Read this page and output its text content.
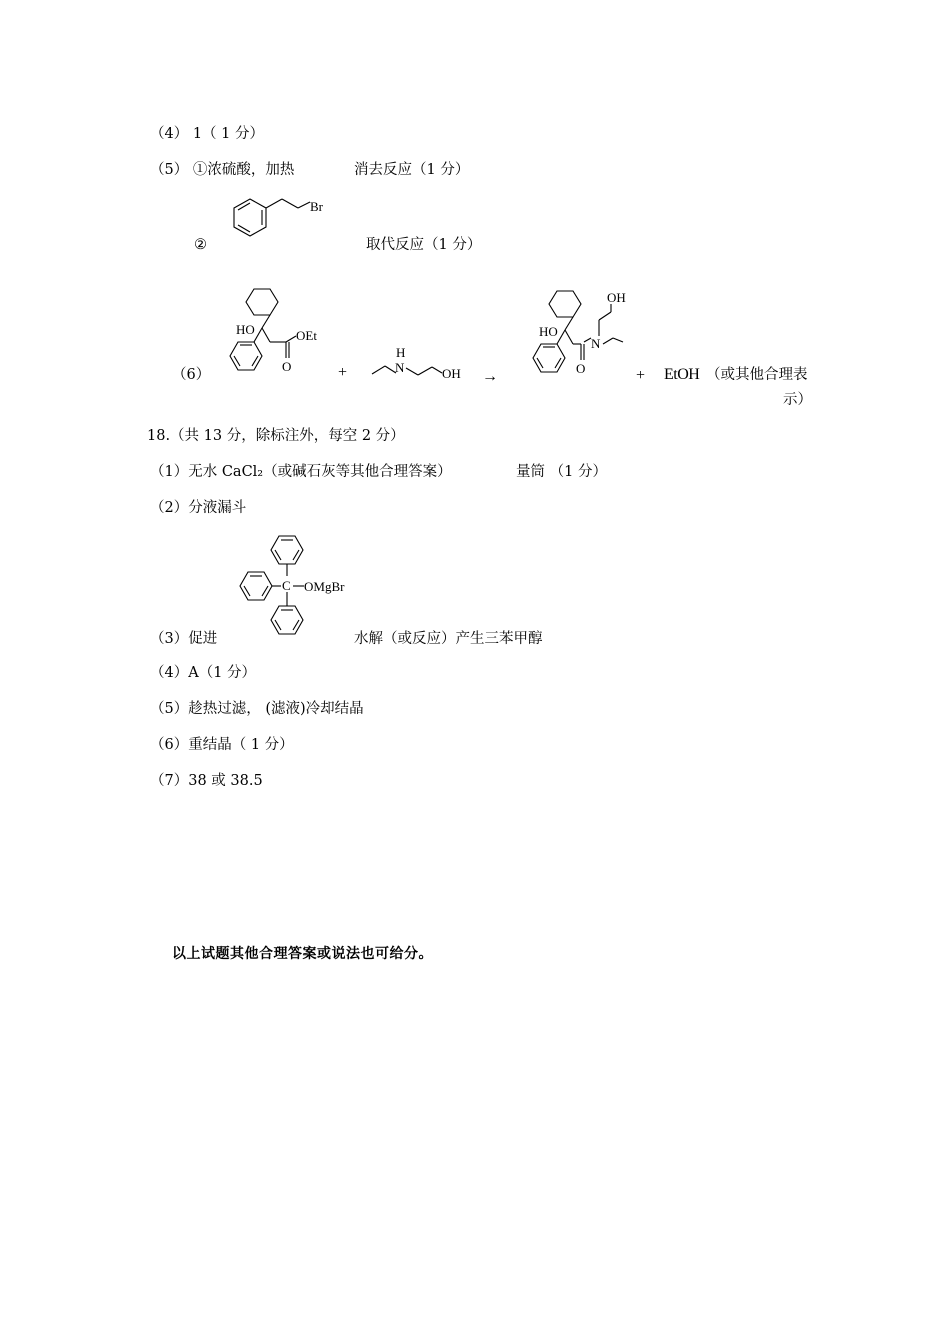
（4） 1（ 1 分）
（5） ①浓硫酸，加热	消去反应（1 分）
②
Br
取代反应（1 分）
（6）
HO
O
OEt
+
H
N	OH →
HO
O
N
OH
+ EtOH （或其他合理表
示）
18.（共 13 分，除标注外，每空 2 分）
（1）无水 CaCl₂（或碱石灰等其他合理答案）	量筒 （1 分）
（2）分液漏斗
C OMgBr
（3）促进	水解（或反应）产生三苯甲醇
（4）A（1 分）
（5）趁热过滤， (滤液)冷却结晶
（6）重结晶（ 1 分）
（7）38 或 38.5
以上试题其他合理答案或说法也可给分。
